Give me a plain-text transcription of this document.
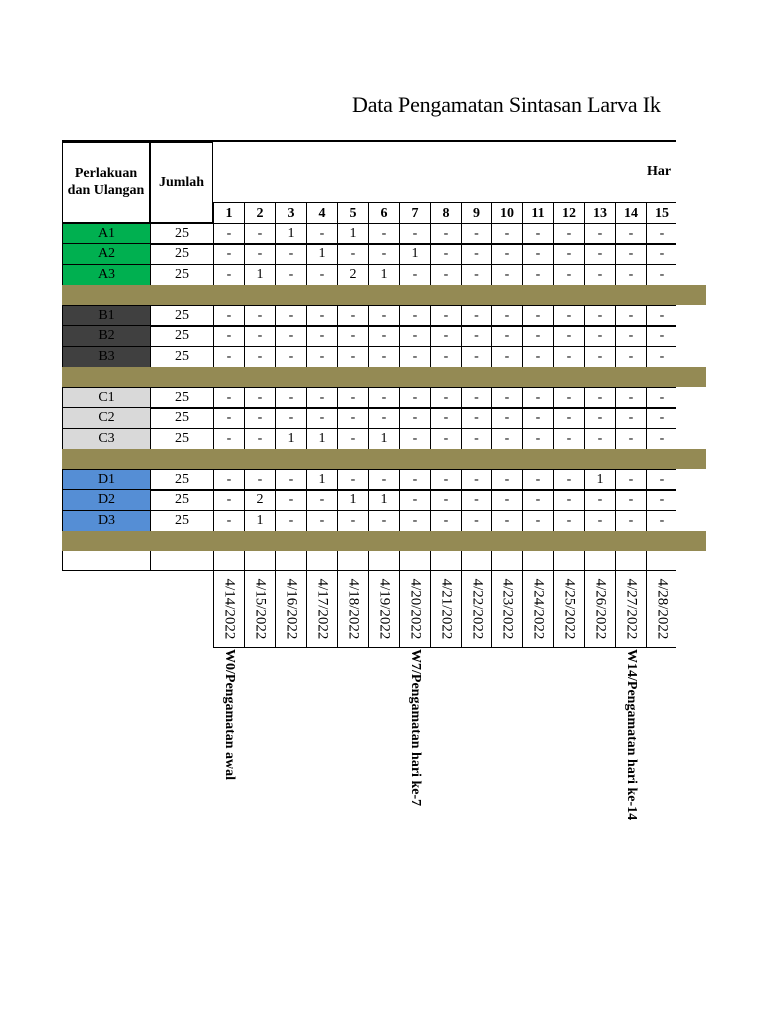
Data Pengamatan Sintasan Larva Ik
Perlakuan dan Ulangan
Jumlah
Har
1	2	3	4	5	6	7	8	9	10	11	12	13	14	15
A1	25	-	-	1	-	1	-	-	-	-	-	-	-	-	-	-
A2	25	-	-	-	1	-	-	1	-	-	-	-	-	-	-	-
A3	25	-	1	-	-	2	1	-	-	-	-	-	-	-	-	-
B1	25	-	-	-	-	-	-	-	-	-	-	-	-	-	-	-
B2	25	-	-	-	-	-	-	-	-	-	-	-	-	-	-	-
B3	25	-	-	-	-	-	-	-	-	-	-	-	-	-	-	-
C1	25	-	-	-	-	-	-	-	-	-	-	-	-	-	-	-
C2	25	-	-	-	-	-	-	-	-	-	-	-	-	-	-	-
C3	25	-	-	1	1	-	1	-	-	-	-	-	-	-	-	-
D1	25	-	-	-	1	-	-	-	-	-	-	-	-	1	-	-
D2	25	-	2	-	-	1	1	-	-	-	-	-	-	-	-	-
D3	25	-	1	-	-	-	-	-	-	-	-	-	-	-	-	-
4/14/2022 4/15/2022 4/16/2022 4/17/2022 4/18/2022 4/19/2022 4/20/2022 4/21/2022 4/22/2022 4/23/2022 4/24/2022 4/25/2022 4/26/2022 4/27/2022 4/28/2022
W0/Pengamatan awal	W7/Pengamatan hari ke-7	W14/Pengamatan hari ke-14
